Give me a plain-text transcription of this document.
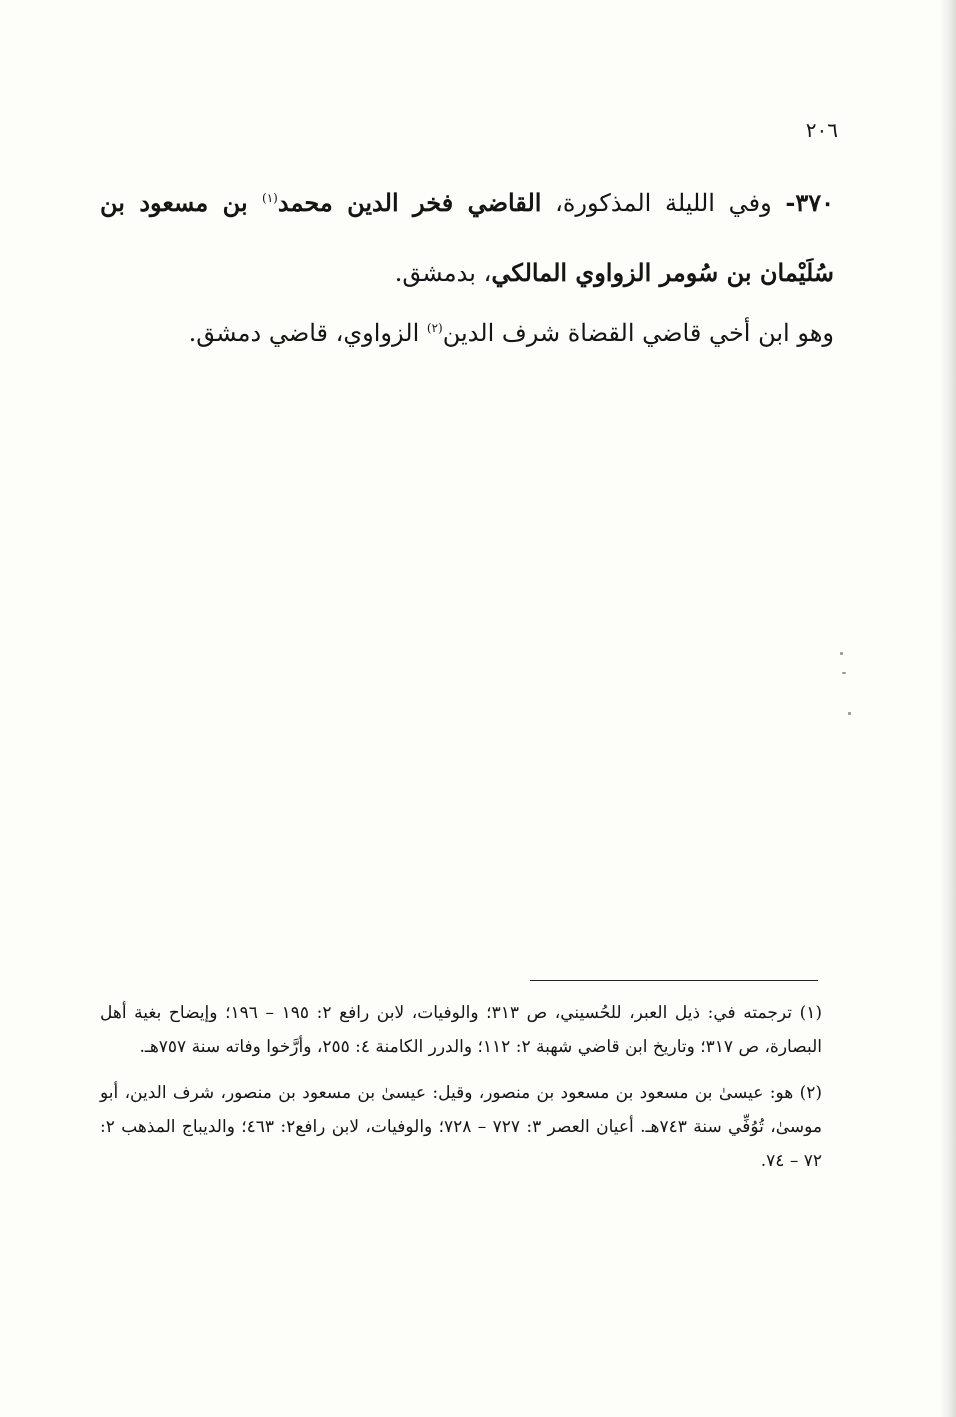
٢٠٦

٣٧٠- وفي الليلة المذكورة، القاضي فخر الدين محمد$^{(١)}$ بن مسعود بن سُلَيْمان بن سُومر الزواوي المالكي، بدمشق.

وهو ابن أخي قاضي القضاة شرف الدين$^{(٢)}$ الزواوي، قاضي دمشق.

(١) ترجمته في: ذيل العبر، للحُسيني، ص ٣١٣؛ والوفيات، لابن رافع ٢: ١٩٥ – ١٩٦؛ وإيضاح بغية أهل البصارة، ص ٣١٧؛ وتاريخ ابن قاضي شهبة ٢: ١١٢؛ والدرر الكامنة ٤: ٢٥٥، وأرَّخوا وفاته سنة ٧٥٧هـ.

(٢) هو: عيسىٰ بن مسعود بن مسعود بن منصور، وقيل: عيسىٰ بن مسعود بن منصور، شرف الدين، أبو موسىٰ، تُوُفِّي سنة ٧٤٣هـ. أعيان العصر ٣: ٧٢٧ – ٧٢٨؛ والوفيات، لابن رافع٢: ٤٦٣؛ والديباج المذهب ٢: ٧٢ – ٧٤.
